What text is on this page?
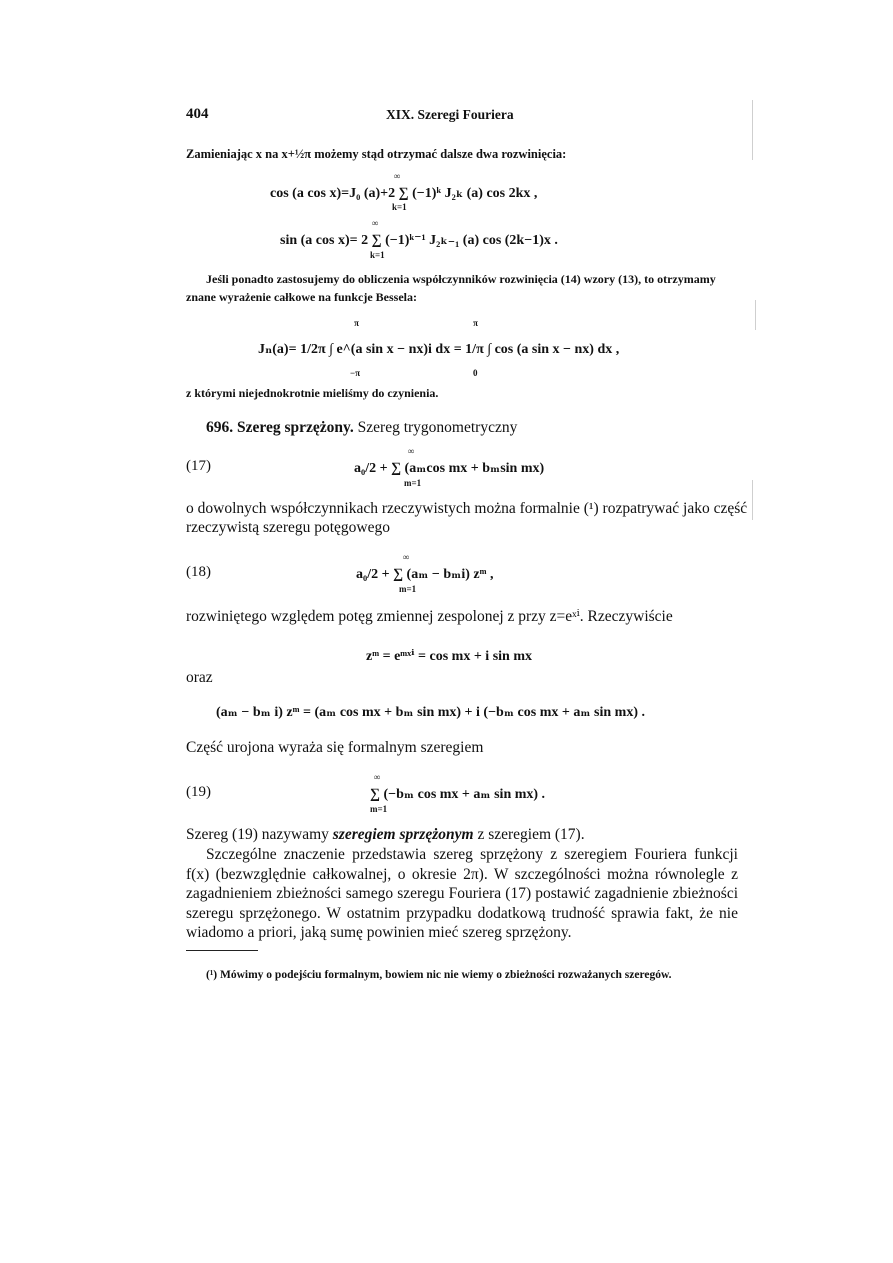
404	XIX. Szeregi Fouriera
Zamieniając x na x+½π możemy stąd otrzymać dalsze dwa rozwinięcia:
cos (a cos x)=J₀ (a)+2 ∑ (−1)ᵏ J₂ₖ (a) cos 2kx ,
∞
k=1
sin (a cos x)= 2 ∑ (−1)ᵏ⁻¹ J₂ₖ₋₁ (a) cos (2k−1)x .
∞
k=1
Jeśli ponadto zastosujemy do obliczenia współczynników rozwinięcia (14) wzory (13), to otrzymamy
znane wyrażenie całkowe na funkcje Bessela:
Jₙ(a)= 1/2π ∫ e^(a sin x − nx)i dx = 1/π ∫ cos (a sin x − nx) dx ,
π
−π
π
0
z którymi niejednokrotnie mieliśmy do czynienia.
696. Szereg sprzężony. Szereg trygonometryczny
(17)	a₀/2 + ∑ (aₘcos mx + bₘsin mx)
∞
m=1
o dowolnych współczynnikach rzeczywistych można formalnie (¹) rozpatrywać jako część
rzeczywistą szeregu potęgowego
(18)	a₀/2 + ∑ (aₘ − bₘi) zᵐ ,
∞
m=1
rozwiniętego względem potęg zmiennej zespolonej z przy z=eˣⁱ. Rzeczywiście
zᵐ = eᵐˣⁱ = cos mx + i sin mx
oraz
(aₘ − bₘ i) zᵐ = (aₘ cos mx + bₘ sin mx) + i (−bₘ cos mx + aₘ sin mx) .
Część urojona wyraża się formalnym szeregiem
(19)	∑ (−bₘ cos mx + aₘ sin mx) .
∞
m=1
Szereg (19) nazywamy szeregiem sprzężonym z szeregiem (17).
Szczególne znaczenie przedstawia szereg sprzężony z szeregiem Fouriera funkcji f(x) (bezwzględnie całkowalnej, o okresie 2π). W szczególności można równolegle z zagadnieniem zbieżności samego szeregu Fouriera (17) postawić zagadnienie zbieżności szeregu sprzężonego. W ostatnim przypadku dodatkową trudność sprawia fakt, że nie wiadomo a priori, jaką sumę powinien mieć szereg sprzężony.
(¹) Mówimy o podejściu formalnym, bowiem nic nie wiemy o zbieżności rozważanych szeregów.
